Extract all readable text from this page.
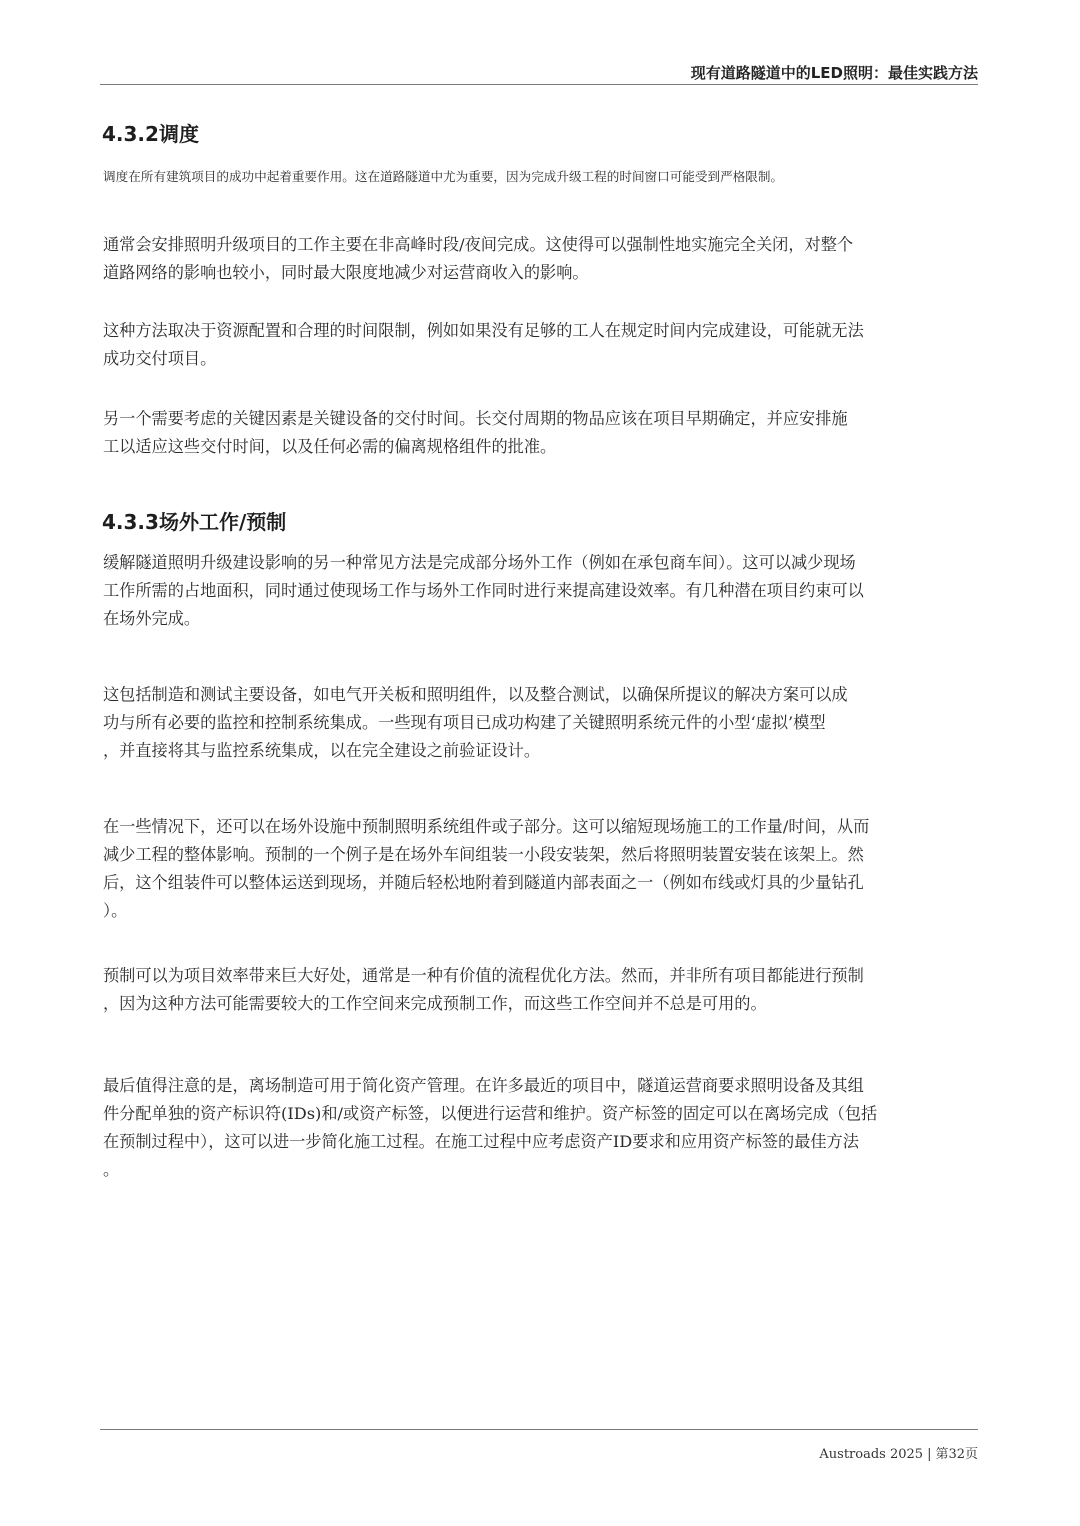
现有道路隧道中的LED照明：最佳实践方法
4.3.2调度

调度在所有建筑项目的成功中起着重要作用。这在道路隧道中尤为重要，因为完成升级工程的时间窗口可能受到严格限制。

通常会安排照明升级项目的工作主要在非高峰时段/夜间完成。这使得可以强制性地实施完全关闭，对整个
道路网络的影响也较小，同时最大限度地减少对运营商收入的影响。

这种方法取决于资源配置和合理的时间限制，例如如果没有足够的工人在规定时间内完成建设，可能就无法
成功交付项目。

另一个需要考虑的关键因素是关键设备的交付时间。长交付周期的物品应该在项目早期确定，并应安排施
工以适应这些交付时间，以及任何必需的偏离规格组件的批准。

4.3.3场外工作/预制

缓解隧道照明升级建设影响的另一种常见方法是完成部分场外工作（例如在承包商车间）。这可以减少现场
工作所需的占地面积，同时通过使现场工作与场外工作同时进行来提高建设效率。有几种潜在项目约束可以
在场外完成。

这包括制造和测试主要设备，如电气开关板和照明组件，以及整合测试，以确保所提议的解决方案可以成
功与所有必要的监控和控制系统集成。一些现有项目已成功构建了关键照明系统元件的小型‘虚拟’模型
，并直接将其与监控系统集成，以在完全建设之前验证设计。

在一些情况下，还可以在场外设施中预制照明系统组件或子部分。这可以缩短现场施工的工作量/时间，从而
减少工程的整体影响。预制的一个例子是在场外车间组装一小段安装架，然后将照明装置安装在该架上。然
后，这个组装件可以整体运送到现场，并随后轻松地附着到隧道内部表面之一（例如布线或灯具的少量钻孔
）。

预制可以为项目效率带来巨大好处，通常是一种有价值的流程优化方法。然而，并非所有项目都能进行预制
，因为这种方法可能需要较大的工作空间来完成预制工作，而这些工作空间并不总是可用的。

最后值得注意的是，离场制造可用于简化资产管理。在许多最近的项目中，隧道运营商要求照明设备及其组
件分配单独的资产标识符(IDs)和/或资产标签，以便进行运营和维护。资产标签的固定可以在离场完成（包括
在预制过程中），这可以进一步简化施工过程。在施工过程中应考虑资产ID要求和应用资产标签的最佳方法
。

Austroads 2025 | 第32页
